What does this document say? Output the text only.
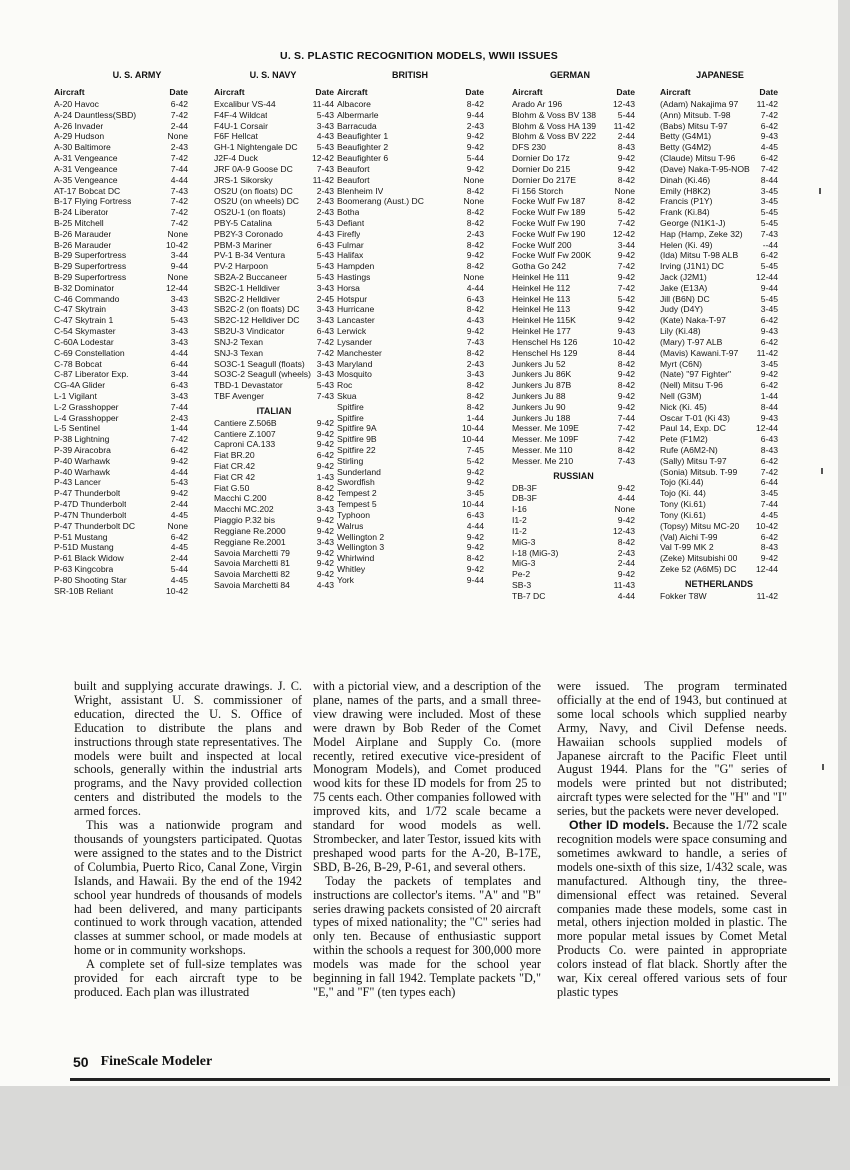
U. S. PLASTIC RECOGNITION MODELS, WWII ISSUES
U. S. ARMY	U. S. NAVY	BRITISH	GERMAN	JAPANESE
Aircraft	Date
A-20 Havoc	6-42
A-24 Dauntless(SBD)	7-42
A-26 Invader	2-44
A-29 Hudson	None
A-30 Baltimore	2-43
A-31 Vengeance	7-42
A-31 Vengeance	7-44
A-35 Vengeance	4-44
AT-17 Bobcat DC	7-43
B-17 Flying Fortress	7-42
B-24 Liberator	7-42
B-25 Mitchell	7-42
B-26 Marauder	None
B-26 Marauder	10-42
B-29 Superfortress	3-44
B-29 Superfortress	9-44
B-29 Superfortress	None
B-32 Dominator	12-44
C-46 Commando	3-43
C-47 Skytrain	3-43
C-47 Skytrain 1	5-43
C-54 Skymaster	3-43
C-60A Lodestar	3-43
C-69 Constellation	4-44
C-78 Bobcat	6-44
C-87 Liberator Exp.	3-44
CG-4A Glider	6-43
L-1 Vigilant	3-43
L-2 Grasshopper	7-44
L-4 Grasshopper	2-43
L-5 Sentinel	1-44
P-38 Lightning	7-42
P-39 Airacobra	6-42
P-40 Warhawk	9-42
P-40 Warhawk	4-44
P-43 Lancer	5-43
P-47 Thunderbolt	9-42
P-47D Thunderbolt	2-44
P-47N Thunderbolt	4-45
P-47 Thunderbolt DC	None
P-51 Mustang	6-42
P-51D Mustang	4-45
P-61 Black Widow	2-44
P-63 Kingcobra	5-44
P-80 Shooting Star	4-45
SR-10B Reliant	10-42
Aircraft	Date
Excalibur VS-44	11-44
F4F-4 Wildcat	5-43
F4U-1 Corsair	3-43
F6F Hellcat	4-43
GH-1 Nightengale DC 5-43
J2F-4 Duck	12-42
JRF 0A-9 Goose DC	7-43
JRS-1 Sikorsky	11-42
OS2U (on floats) DC	2-43
OS2U (on wheels) DC 2-43
OS2U-1 (on floats)	2-43
PBY-5 Catalina	5-43
PB2Y-3 Coronado	4-43
PBM-3 Mariner	6-43
PV-1 B-34 Ventura	5-43
PV-2 Harpoon	5-43
SB2A-2 Buccaneer	5-43
SB2C-1 Helldiver	3-43
SB2C-2 Helldiver	2-45
SB2C-2 (on floats) DC 3-43
SB2C-12 Helldiver DC 3-43
SB2U-3 Vindicator	6-43
SNJ-2 Texan	7-42
SNJ-3 Texan	7-42
SO3C-1 Seagull (floats) 3-43
SO3C-2 Seagull (wheels) 3-43
TBD-1 Devastator	5-43
TBF Avenger	7-43
ITALIAN
Cantiere Z.506B	9-42
Cantiere Z.1007	9-42
Caproni CA.133	9-42
Fiat BR.20	6-42
Fiat CR.42	9-42
Fiat CR 42	1-43
Fiat G.50	8-42
Macchi C.200	8-42
Macchi MC.202	3-43
Piaggio P.32 bis	9-42
Reggiane Re.2000	9-42
Reggiane Re.2001	3-43
Savoia Marchetti 79	9-42
Savoia Marchetti 81	9-42
Savoia Marchetti 82	9-42
Savoia Marchetti 84	4-43
Aircraft	Date
Albacore	8-42
Albermarle	9-44
Barracuda	2-43
Beaufighter 1	9-42
Beaufighter 2	9-42
Beaufighter 6	5-44
Beaufort	9-42
Beaufort	None
Blenheim IV	8-42
Boomerang (Aust.) DC	None
Botha	8-42
Defiant	8-42
Firefly	2-43
Fulmar	8-42
Halifax	9-42
Hampden	8-42
Hastings	None
Horsa	4-44
Hotspur	6-43
Hurricane	8-42
Lancaster	4-43
Lerwick	9-42
Lysander	7-43
Manchester	8-42
Maryland	2-43
Mosquito	3-43
Roc	8-42
Skua	8-42
Spitfire	8-42
Spitfire	1-44
Spitfire 9A	10-44
Spitfire 9B	10-44
Spitfire 22	7-45
Stirling	5-42
Sunderland	9-42
Swordfish	9-42
Tempest 2	3-45
Tempest 5	10-44
Typhoon	6-43
Walrus	4-44
Wellington 2	9-42
Wellington 3	9-42
Whirlwind	8-42
Whitley	9-42
York	9-44
Aircraft	Date
Arado Ar 196	12-43
Blohm & Voss BV 138	5-44
Blohm & Voss HA 139 11-42
Blohm & Voss BV 222	2-44
DFS 230	8-43
Dornier Do 17z	9-42
Dornier Do 215	9-42
Dornier Do 217E	8-42
Fi 156 Storch	None
Focke Wulf Fw 187	8-42
Focke Wulf Fw 189	5-42
Focke Wulf Fw 190	7-42
Focke Wulf Fw 190	12-42
Focke Wulf 200	3-44
Focke Wulf Fw 200K	9-42
Gotha Go 242	7-42
Heinkel He 111	9-42
Heinkel He 112	7-42
Heinkel He 113	5-42
Heinkel He 113	9-42
Heinkel He 115K	9-42
Heinkel He 177	9-43
Henschel Hs 126	10-42
Henschel Hs 129	8-44
Junkers Ju 52	8-42
Junkers Ju 86K	9-42
Junkers Ju 87B	8-42
Junkers Ju 88	9-42
Junkers Ju 90	9-42
Junkers Ju 188	7-44
Messer. Me 109E	7-42
Messer. Me 109F	7-42
Messer. Me 110	8-42
Messer. Me 210	7-43
RUSSIAN
DB-3F	9-42
DB-3F	4-44
I-16	None
I1-2	9-42
I1-2	12-43
MiG-3	8-42
I-18 (MiG-3)	2-43
MiG-3	2-44
Pe-2	9-42
SB-3	11-43
TB-7 DC	4-44
Aircraft	Date
(Adam) Nakajima 97 11-42
(Ann) Mitsub. T-98	7-42
(Babs) Mitsu T-97	6-42
Betty (G4M1)	9-43
Betty (G4M2)	4-45
(Claude) Mitsu T-96	6-42
(Dave) Naka-T-95-NOB 7-42
Dinah (Ki.46)	8-44
Emily (H8K2)	3-45
Francis (P1Y)	3-45
Frank (Ki.84)	5-45
George (N1K1-J)	5-45
Hap (Hamp, Zeke 32) 7-43
Helen (Ki. 49)	--44
(Ida) Mitsu T-98 ALB	6-42
Irving (J1N1) DC	5-45
Jack (J2M1)	12-44
Jake (E13A)	9-44
Jill (B6N) DC	5-45
Judy (D4Y)	3-45
(Kate) Naka-T-97	6-42
Lily (Ki.48)	9-43
(Mary) T-97 ALB	6-42
(Mavis) Kawani.T-97 11-42
Myrt (C6N)	3-45
(Nate) "97 Fighter"	9-42
(Nell) Mitsu T-96	6-42
Nell (G3M)	1-44
Nick (Ki. 45)	8-44
Oscar T-01 (Ki 43)	9-43
Paul 14, Exp. DC	12-44
Pete (F1M2)	6-43
Rufe (A6M2-N)	8-43
(Sally) Mitsu T-97	6-42
(Sonia) Mitsub. T-99	7-42
Tojo (Ki.44)	6-44
Tojo (Ki. 44)	3-45
Tony (Ki.61)	7-44
Tony (Ki.61)	4-45
(Topsy) Mitsu MC-20 10-42
(Val) Aichi T-99	6-42
Val T-99 MK 2	8-43
(Zeke) Mitsubishi 00	9-42
Zeke 52 (A6M5) DC 12-44
NETHERLANDS
Fokker T8W	11-42

built and supplying accurate drawings. J. C. Wright, assistant U. S. commissioner of education, directed the U. S. Office of Education to distribute the plans and instructions through state representatives. The models were built and inspected at local schools, generally within the industrial arts programs, and the Navy provided collection centers and distributed the models to the armed forces.

This was a nationwide program and thousands of youngsters participated. Quotas were assigned to the states and to the District of Columbia, Puerto Rico, Canal Zone, Virgin Islands, and Hawaii. By the end of the 1942 school year hundreds of thousands of models had been delivered, and many participants continued to work through vacation, attended classes at summer school, or made models at home or in community workshops.

A complete set of full-size templates was provided for each aircraft type to be produced. Each plan was illustrated

with a pictorial view, and a description of the plane, names of the parts, and a small three-view drawing were included. Most of these were drawn by Bob Reder of the Comet Model Airplane and Supply Co. (more recently, retired executive vice-president of Monogram Models), and Comet produced wood kits for these ID models for from 25 to 75 cents each. Other companies followed with improved kits, and 1/72 scale became a standard for wood models as well. Strombecker, and later Testor, issued kits with preshaped wood parts for the A-20, B-17E, SBD, B-26, B-29, P-61, and several others.

Today the packets of templates and instructions are collector's items. "A" and "B" series drawing packets consisted of 20 aircraft types of mixed nationality; the "C" series had only ten. Because of enthusiastic support within the schools a request for 300,000 more models was made for the school year beginning in fall 1942. Template packets "D," "E," and "F" (ten types each)

were issued. The program terminated officially at the end of 1943, but continued at some local schools which supplied nearby Army, Navy, and Civil Defense needs. Hawaiian schools supplied models of Japanese aircraft to the Pacific Fleet until August 1944. Plans for the "G" series of models were printed but not distributed; aircraft types were selected for the "H" and "I" series, but the packets were never developed.

Other ID models. Because the 1/72 scale recognition models were space consuming and sometimes awkward to handle, a series of models one-sixth of this size, 1/432 scale, was manufactured. Although tiny, the three-dimensional effect was retained. Several companies made these models, some cast in metal, others injection molded in plastic. The more popular metal issues by Comet Metal Products Co. were painted in appropriate colors instead of flat black. Shortly after the war, Kix cereal offered various sets of four plastic types

50 FineScale Modeler
